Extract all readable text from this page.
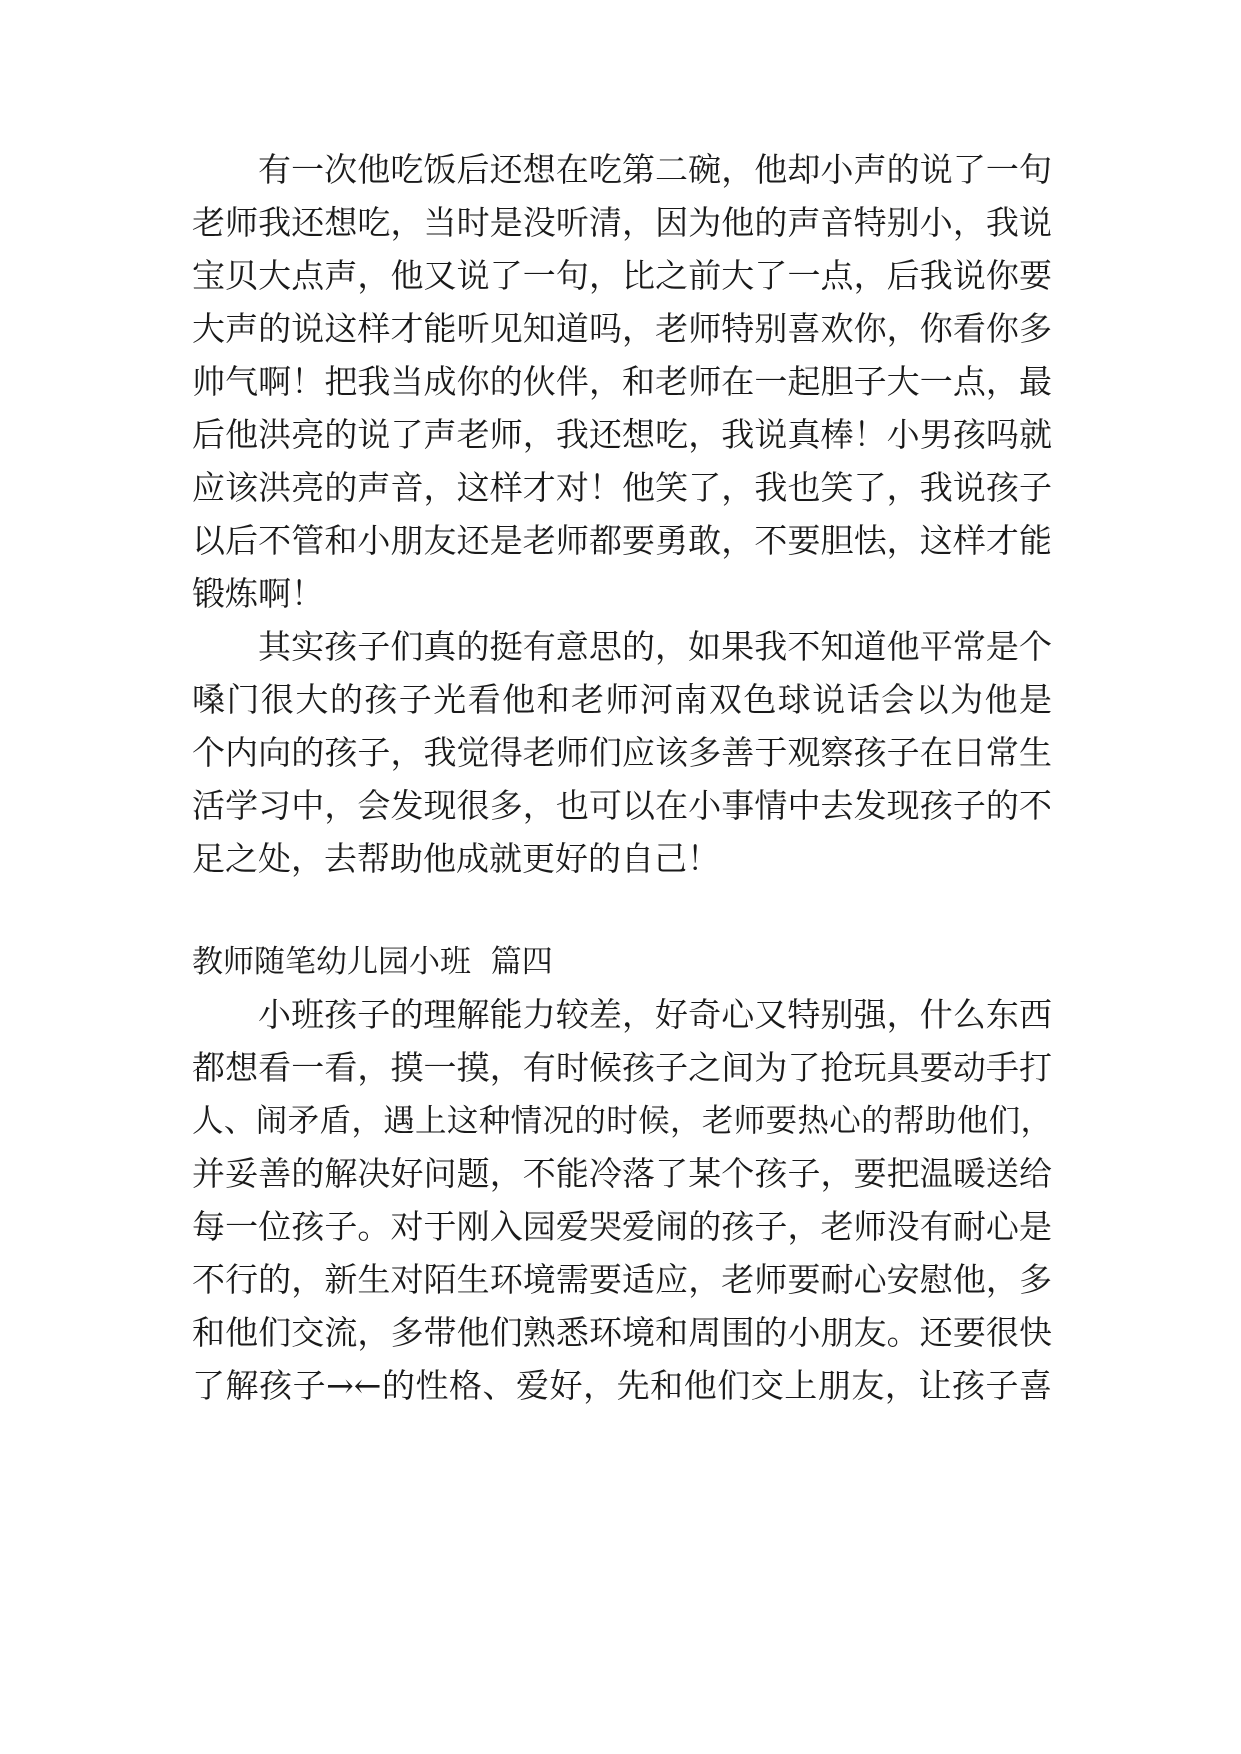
有一次他吃饭后还想在吃第二碗，他却小声的说了一句
老师我还想吃，当时是没听清，因为他的声音特别小，我说
宝贝大点声，他又说了一句，比之前大了一点，后我说你要
大声的说这样才能听见知道吗，老师特别喜欢你，你看你多
帅气啊！把我当成你的伙伴，和老师在一起胆子大一点，最
后他洪亮的说了声老师，我还想吃，我说真棒！小男孩吗就
应该洪亮的声音，这样才对！他笑了，我也笑了，我说孩子
以后不管和小朋友还是老师都要勇敢，不要胆怯，这样才能
锻炼啊！
其实孩子们真的挺有意思的，如果我不知道他平常是个
嗓门很大的孩子光看他和老师河南双色球说话会以为他是
个内向的孩子，我觉得老师们应该多善于观察孩子在日常生
活学习中，会发现很多，也可以在小事情中去发现孩子的不
足之处，去帮助他成就更好的自己！
教师随笔幼儿园小班  篇四
小班孩子的理解能力较差，好奇心又特别强，什么东西
都想看一看，摸一摸，有时候孩子之间为了抢玩具要动手打
人、闹矛盾，遇上这种情况的时候，老师要热心的帮助他们，
并妥善的解决好问题，不能冷落了某个孩子，要把温暖送给
每一位孩子。对于刚入园爱哭爱闹的孩子，老师没有耐心是
不行的，新生对陌生环境需要适应，老师要耐心安慰他，多
和他们交流，多带他们熟悉环境和周围的小朋友。还要很快
了解孩子→←的性格、爱好，先和他们交上朋友，让孩子喜
